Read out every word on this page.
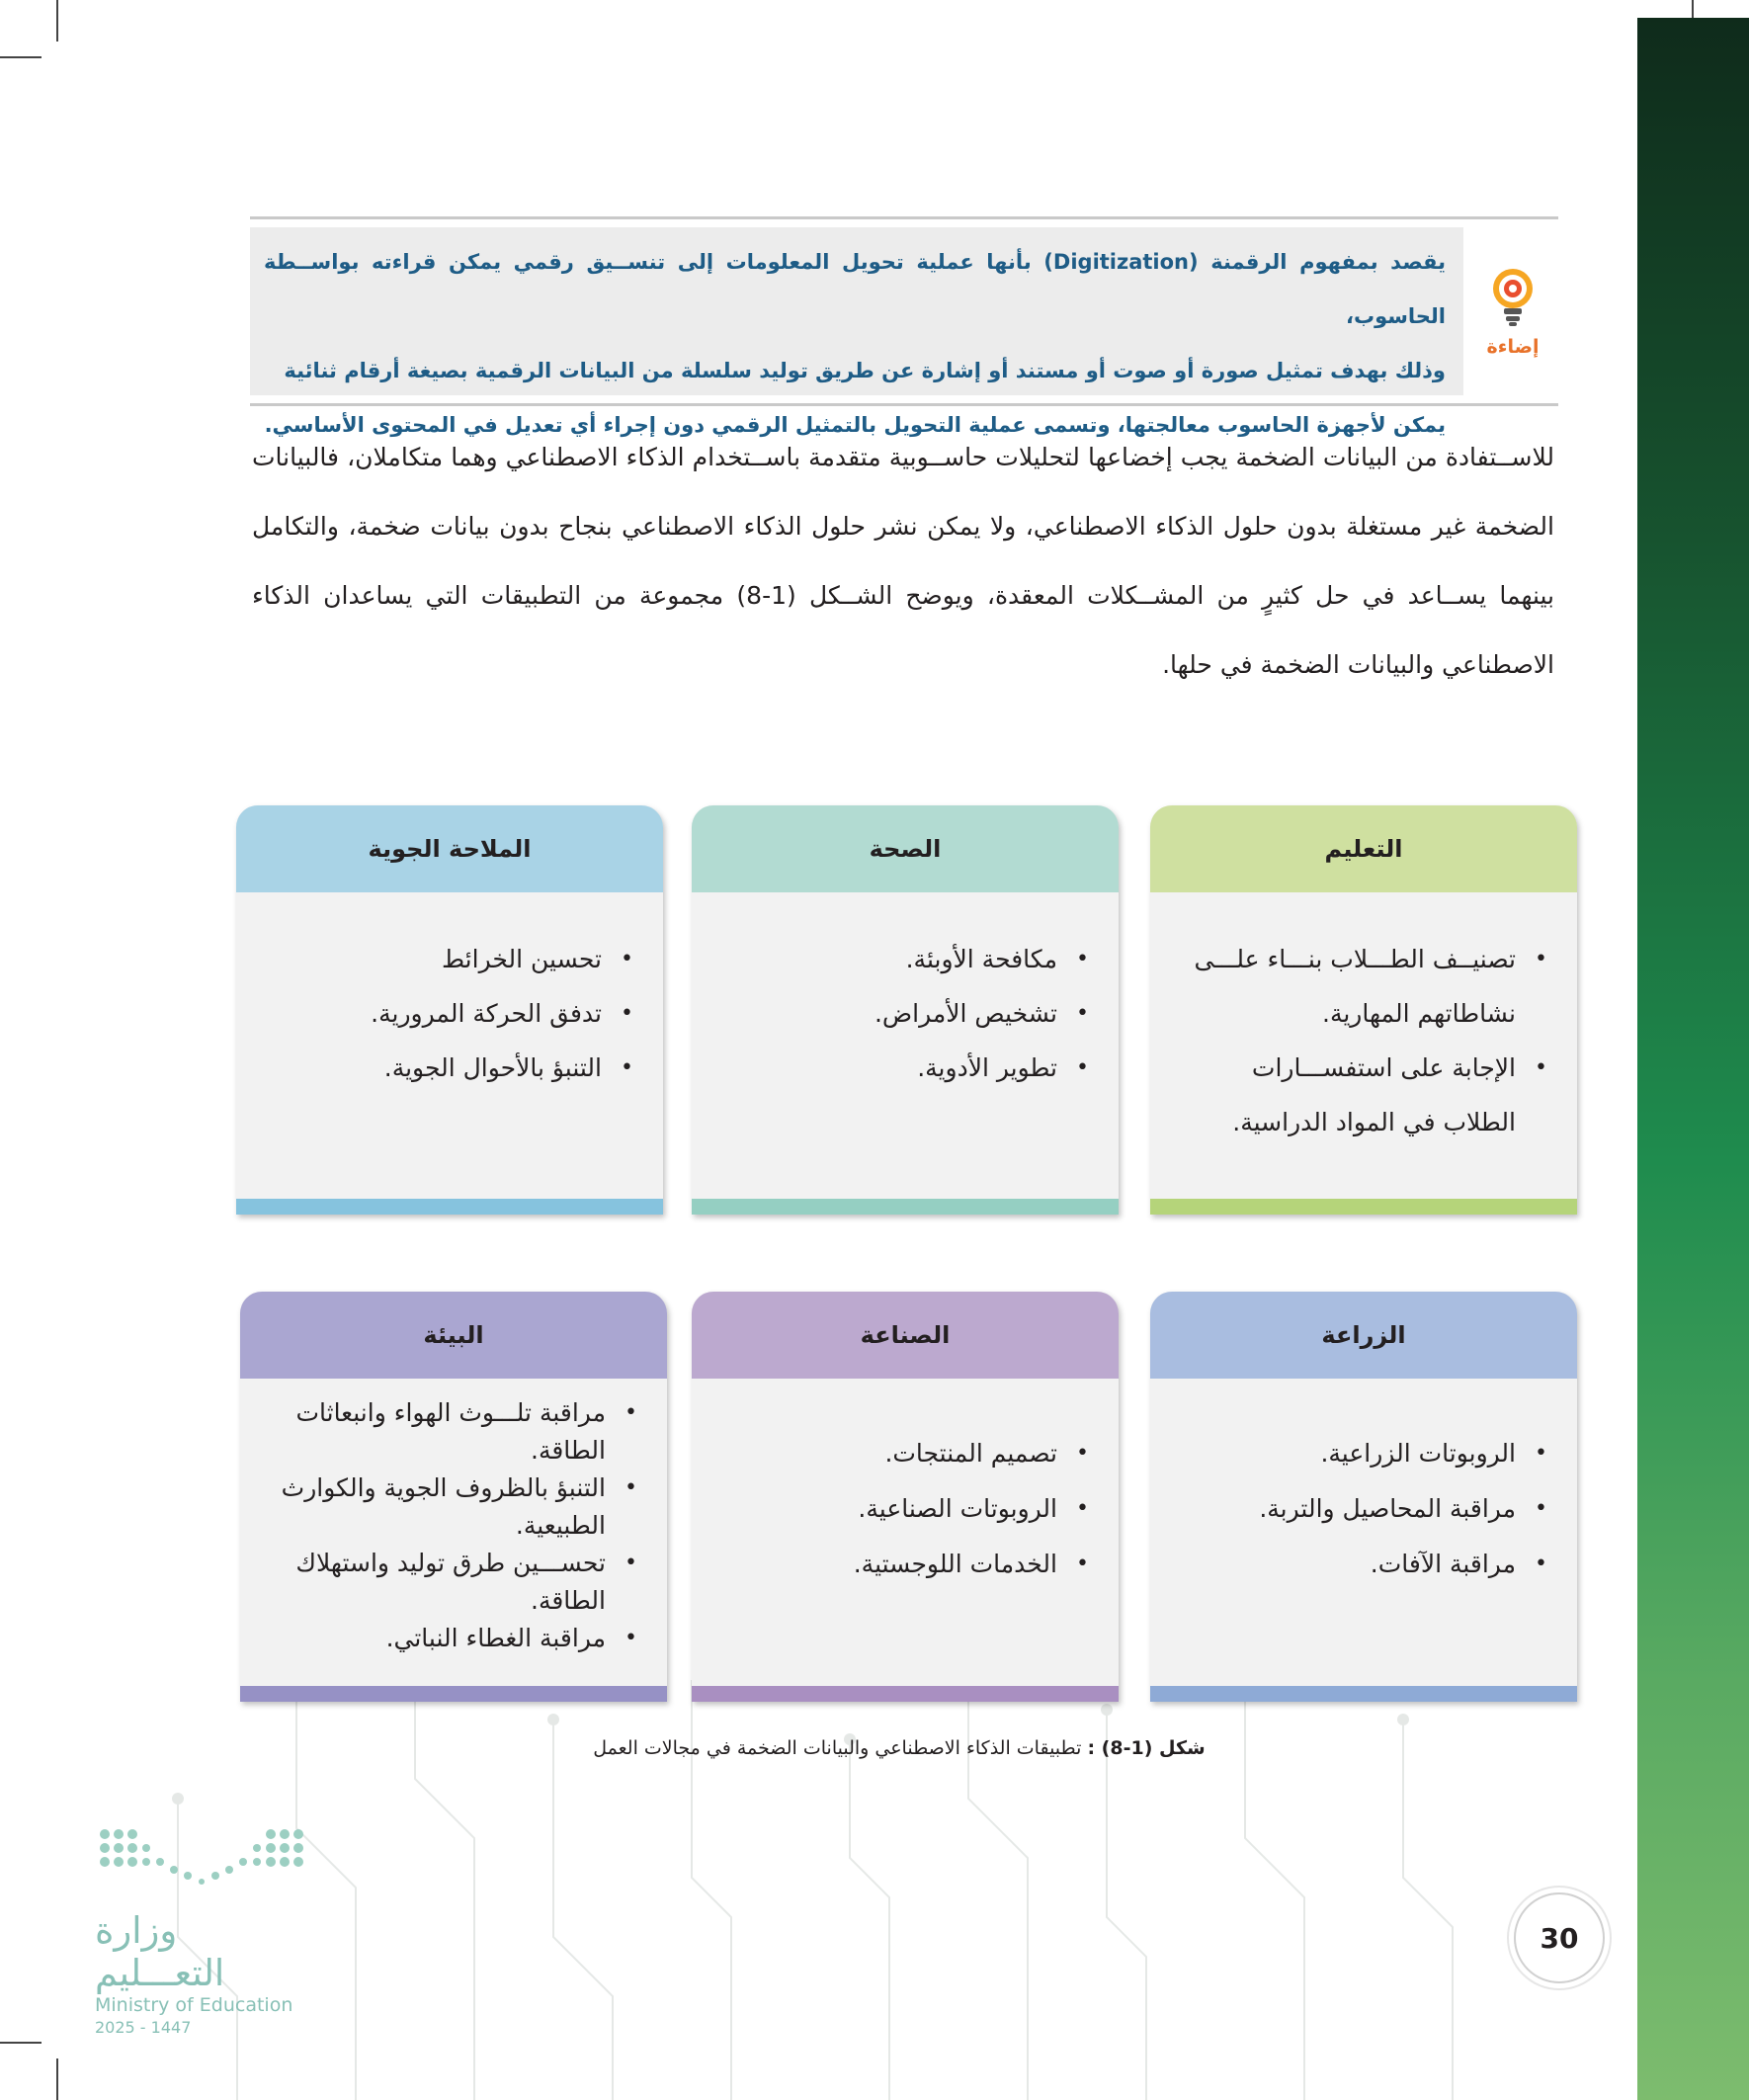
يقصد بمفهوم الرقمنة (Digitization) بأنها عملية تحويل المعلومات إلى تنســيق رقمي يمكن قراءته بواســطة الحاسوب،
وذلك بهدف تمثيل صورة أو صوت أو مستند أو إشارة عن طريق توليد سلسلة من البيانات الرقمية بصيغة أرقام ثنائية
يمكن لأجهزة الحاسوب معالجتها، وتسمى عملية التحويل بالتمثيل الرقمي دون إجراء أي تعديل في المحتوى الأساسي.
إضاءة
للاســتفادة من البيانات الضخمة يجب إخضاعها لتحليلات حاســوبية متقدمة باســتخدام الذكاء الاصطناعي وهما متكاملان، فالبيانات الضخمة غير مستغلة بدون حلول الذكاء الاصطناعي، ولا يمكن نشر حلول الذكاء الاصطناعي بنجاح بدون بيانات ضخمة، والتكامل بينهما يســاعد في حل كثيرٍ من المشــكلات المعقدة، ويوضح الشــكل (1-8) مجموعة من التطبيقات التي يساعدان الذكاء الاصطناعي والبيانات الضخمة في حلها.
التعليم
• تصنيــف الطـــلاب بنـــاء علـــى نشاطاتهم المهارية.
• الإجابة على استفســـارات الطلاب في المواد الدراسية.
الصحة
• مكافحة الأوبئة.
• تشخيص الأمراض.
• تطوير الأدوية.
الملاحة الجوية
• تحسين الخرائط
• تدفق الحركة المرورية.
• التنبؤ بالأحوال الجوية.
الزراعة
• الروبوتات الزراعية.
• مراقبة المحاصيل والتربة.
• مراقبة الآفات.
الصناعة
• تصميم المنتجات.
• الروبوتات الصناعية.
• الخدمات اللوجستية.
البيئة
• مراقبة تلـــوث الهواء وانبعاثات الطاقة.
• التنبؤ بالظروف الجوية والكوارث الطبيعية.
• تحســـين طرق توليد واستهلاك الطاقة.
• مراقبة الغطاء النباتي.
شكل (1-8) : تطبيقات الذكاء الاصطناعي والبيانات الضخمة في مجالات العمل
وزارة التعـــليم
Ministry of Education
2025 - 1447
30
